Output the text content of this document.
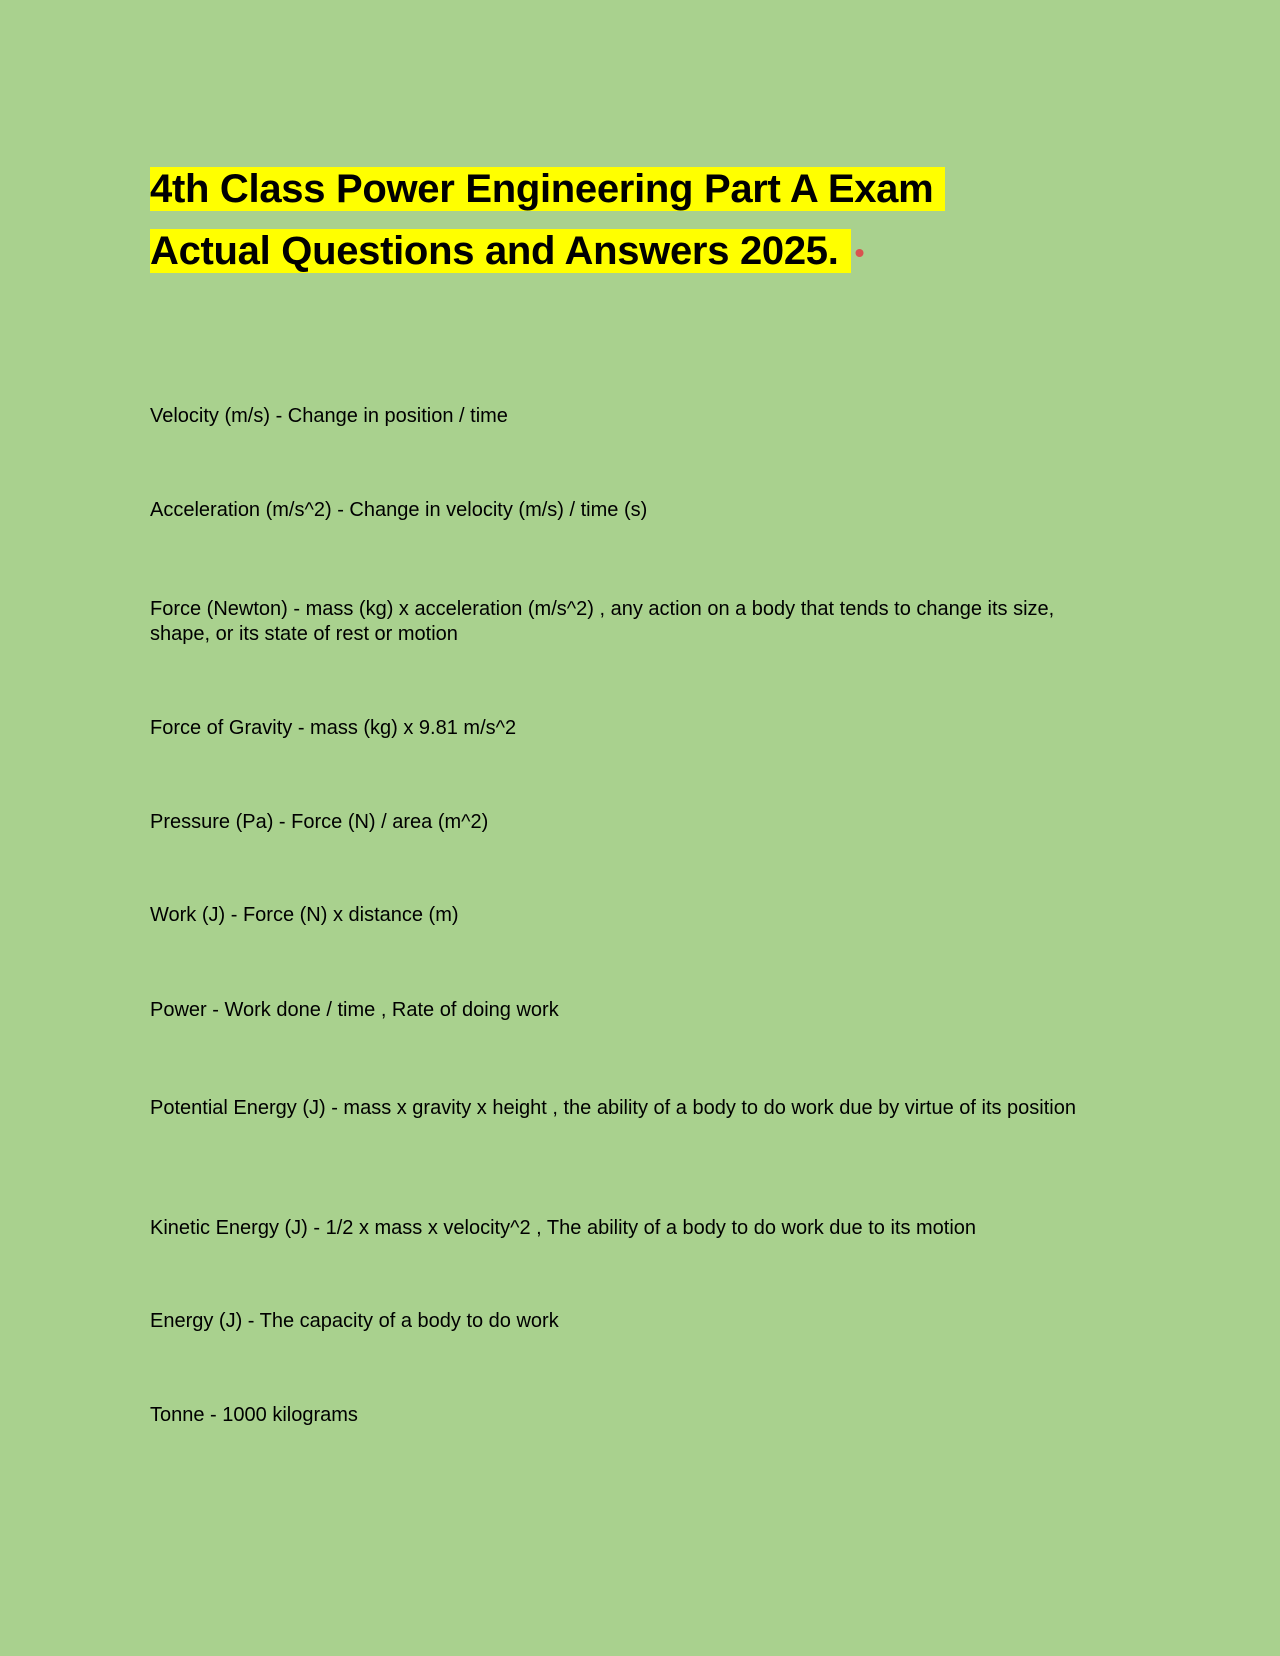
4th Class Power Engineering Part A Exam
Actual Questions and Answers 2025. •

Velocity (m/s) - Change in position / time

Acceleration (m/s^2) - Change in velocity (m/s) / time (s)

Force (Newton) - mass (kg) x acceleration (m/s^2) , any action on a body that tends to change its size, shape, or its state of rest or motion

Force of Gravity - mass (kg) x 9.81 m/s^2

Pressure (Pa) - Force (N) / area (m^2)

Work (J) - Force (N) x distance (m)

Power - Work done / time , Rate of doing work

Potential Energy (J) - mass x gravity x height , the ability of a body to do work due by virtue of its position

Kinetic Energy (J) - 1/2 x mass x velocity^2 , The ability of a body to do work due to its motion

Energy (J) - The capacity of a body to do work

Tonne - 1000 kilograms
